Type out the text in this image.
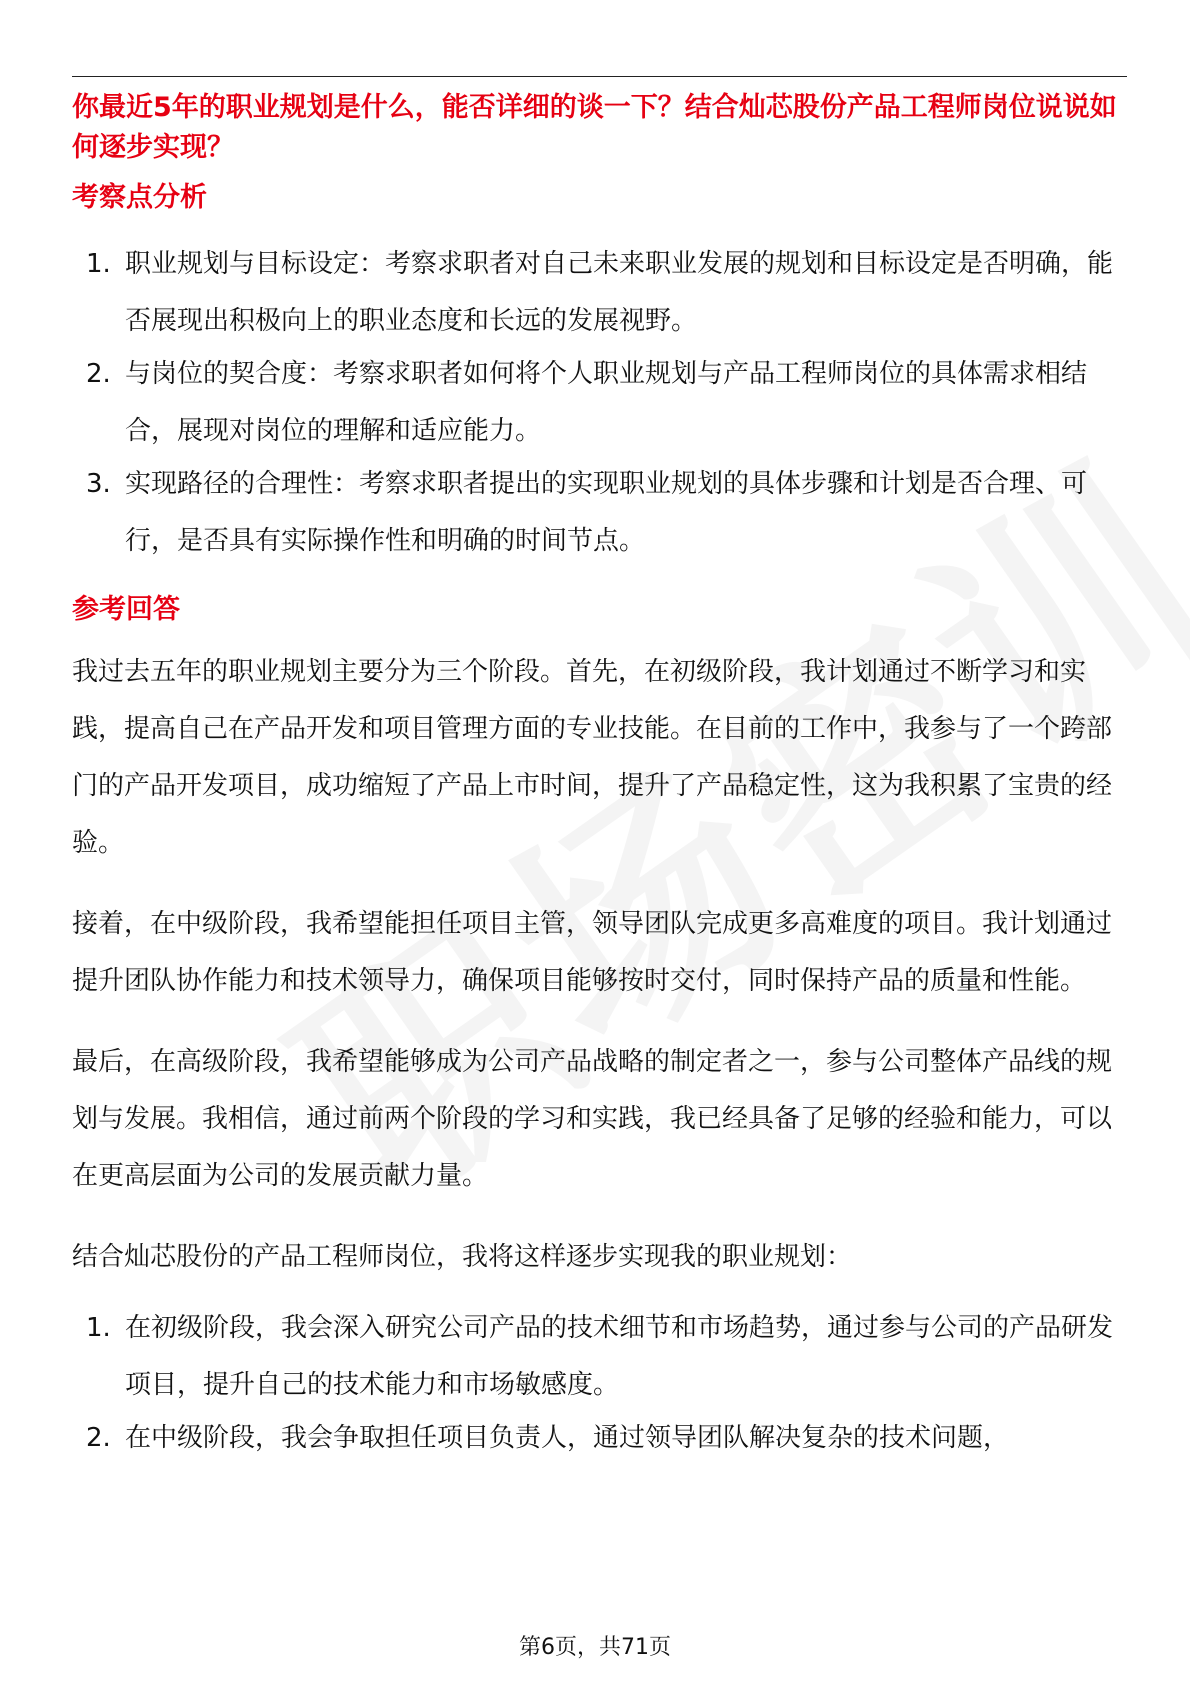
你最近5年的职业规划是什么，能否详细的谈一下？结合灿芯股份产品工程师岗位说说如何逐步实现？

考察点分析
1. 职业规划与目标设定：考察求职者对自己未来职业发展的规划和目标设定是否明确，能否展现出积极向上的职业态度和长远的发展视野。
2. 与岗位的契合度：考察求职者如何将个人职业规划与产品工程师岗位的具体需求相结合，展现对岗位的理解和适应能力。
3. 实现路径的合理性：考察求职者提出的实现职业规划的具体步骤和计划是否合理、可行，是否具有实际操作性和明确的时间节点。
参考回答

我过去五年的职业规划主要分为三个阶段。首先，在初级阶段，我计划通过不断学习和实践，提高自己在产品开发和项目管理方面的专业技能。在目前的工作中，我参与了一个跨部门的产品开发项目，成功缩短了产品上市时间，提升了产品稳定性，这为我积累了宝贵的经验。

接着，在中级阶段，我希望能担任项目主管，领导团队完成更多高难度的项目。我计划通过提升团队协作能力和技术领导力，确保项目能够按时交付，同时保持产品的质量和性能。

最后，在高级阶段，我希望能够成为公司产品战略的制定者之一，参与公司整体产品线的规划与发展。我相信，通过前两个阶段的学习和实践，我已经具备了足够的经验和能力，可以在更高层面为公司的发展贡献力量。

结合灿芯股份的产品工程师岗位，我将这样逐步实现我的职业规划：

1. 在初级阶段，我会深入研究公司产品的技术细节和市场趋势，通过参与公司的产品研发项目，提升自己的技术能力和市场敏感度。
2. 在中级阶段，我会争取担任项目负责人，通过领导团队解决复杂的技术问题，
第6页，共71页
